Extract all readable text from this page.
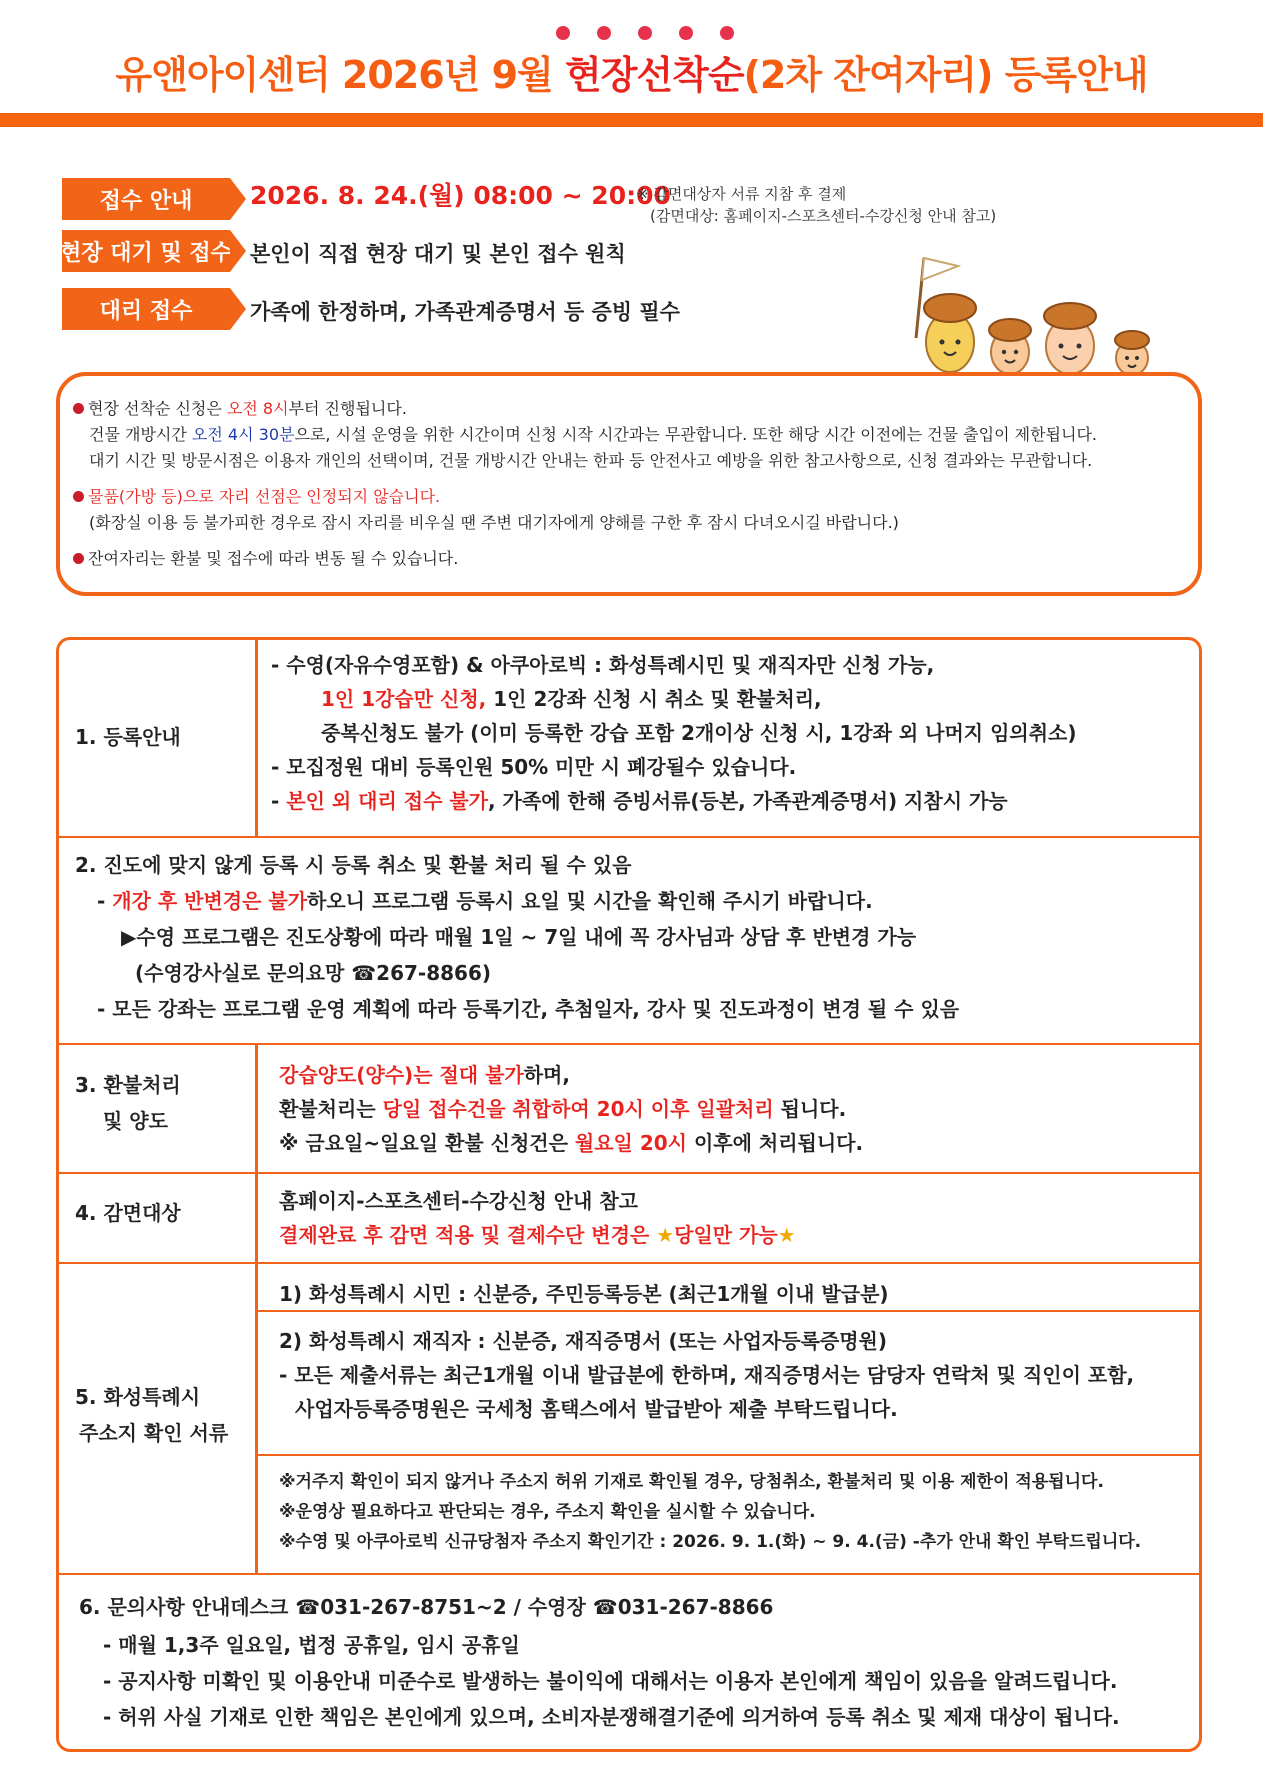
유앤아이센터 2026년 9월 현장선착순(2차 잔여자리) 등록안내
접수 안내	2026. 8. 24.(월) 08:00 ~ 20:00
※ 감면대상자 서류 지참 후 결제
(감면대상: 홈페이지-스포츠센터-수강신청 안내 참고)
현장 대기 및 접수 본인이 직접 현장 대기 및 본인 접수 원칙
대리 접수	가족에 한정하며, 가족관계증명서 등 증빙 필수
현장 선착순 신청은 오전 8시부터 진행됩니다.
건물 개방시간 오전 4시 30분으로, 시설 운영을 위한 시간이며 신청 시작 시간과는 무관합니다. 또한 해당 시간 이전에는 건물 출입이 제한됩니다.
대기 시간 및 방문시점은 이용자 개인의 선택이며, 건물 개방시간 안내는 한파 등 안전사고 예방을 위한 참고사항으로, 신청 결과와는 무관합니다.
물품(가방 등)으로 자리 선점은 인정되지 않습니다.
(화장실 이용 등 불가피한 경우로 잠시 자리를 비우실 땐 주변 대기자에게 양해를 구한 후 잠시 다녀오시길 바랍니다.)
잔여자리는 환불 및 접수에 따라 변동 될 수 있습니다.
1. 등록안내
- 수영(자유수영포함) & 아쿠아로빅 : 화성특례시민 및 재직자만 신청 가능,
1인 1강습만 신청, 1인 2강좌 신청 시 취소 및 환불처리,
중복신청도 불가 (이미 등록한 강습 포함 2개이상 신청 시, 1강좌 외 나머지 임의취소)
- 모집정원 대비 등록인원 50% 미만 시 폐강될수 있습니다.
- 본인 외 대리 접수 불가, 가족에 한해 증빙서류(등본, 가족관계증명서) 지참시 가능
2. 진도에 맞지 않게 등록 시 등록 취소 및 환불 처리 될 수 있음
- 개강 후 반변경은 불가하오니 프로그램 등록시 요일 및 시간을 확인해 주시기 바랍니다.
▶수영 프로그램은 진도상황에 따라 매월 1일 ~ 7일 내에 꼭 강사님과 상담 후 반변경 가능
(수영강사실로 문의요망 ☎267-8866)
- 모든 강좌는 프로그램 운영 계획에 따라 등록기간, 추첨일자, 강사 및 진도과정이 변경 될 수 있음
3. 환불처리
및 양도
강습양도(양수)는 절대 불가하며,
환불처리는 당일 접수건을 취합하여 20시 이후 일괄처리 됩니다.
※ 금요일~일요일 환불 신청건은 월요일 20시 이후에 처리됩니다.
4. 감면대상	홈페이지-스포츠센터-수강신청 안내 참고
결제완료 후 감면 적용 및 결제수단 변경은 ★당일만 가능★
5. 화성특례시
주소지 확인 서류
1) 화성특례시 시민 : 신분증, 주민등록등본 (최근1개월 이내 발급분)
2) 화성특례시 재직자 : 신분증, 재직증명서 (또는 사업자등록증명원)
- 모든 제출서류는 최근1개월 이내 발급분에 한하며, 재직증명서는 담당자 연락처 및 직인이 포함,
사업자등록증명원은 국세청 홈택스에서 발급받아 제출 부탁드립니다.
※거주지 확인이 되지 않거나 주소지 허위 기재로 확인될 경우, 당첨취소, 환불처리 및 이용 제한이 적용됩니다.
※운영상 필요하다고 판단되는 경우, 주소지 확인을 실시할 수 있습니다.
※수영 및 아쿠아로빅 신규당첨자 주소지 확인기간 : 2026. 9. 1.(화) ~ 9. 4.(금) -추가 안내 확인 부탁드립니다.
6. 문의사항 안내데스크 ☎031-267-8751~2 / 수영장 ☎031-267-8866
- 매월 1,3주 일요일, 법정 공휴일, 임시 공휴일
- 공지사항 미확인 및 이용안내 미준수로 발생하는 불이익에 대해서는 이용자 본인에게 책임이 있음을 알려드립니다.
- 허위 사실 기재로 인한 책임은 본인에게 있으며, 소비자분쟁해결기준에 의거하여 등록 취소 및 제재 대상이 됩니다.
